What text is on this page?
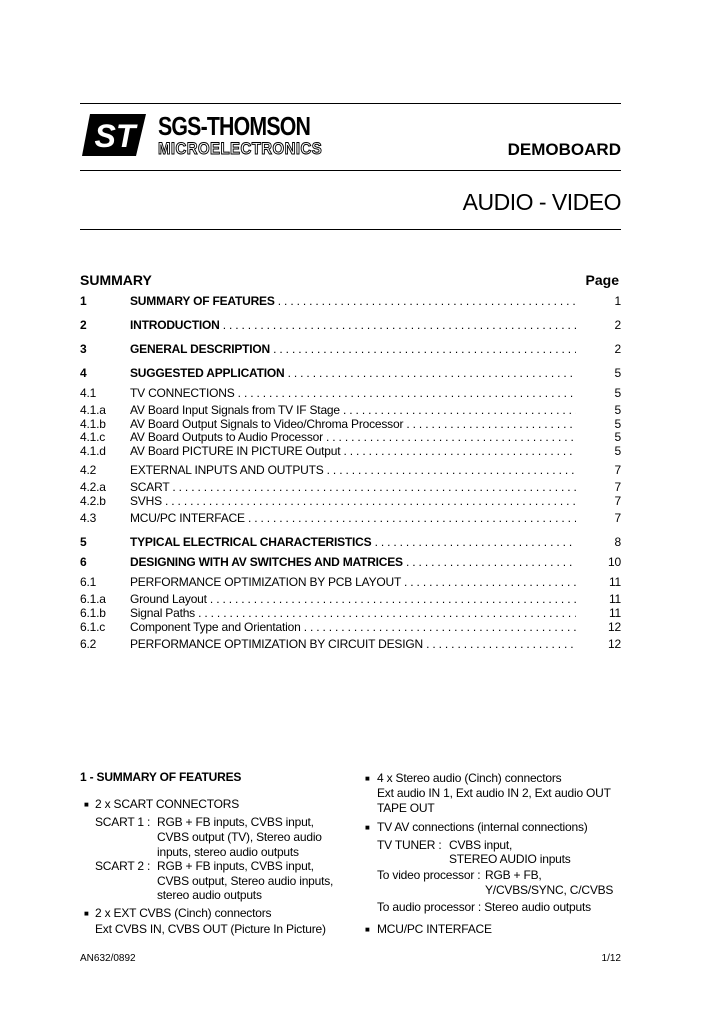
ST SGS-THOMSON
MICROELECTRONICS	DEMOBOARD
AUDIO - VIDEO
SUMMARY	Page
1	SUMMARY OF FEATURES . . .	1
2	INTRODUCTION . . .	2
3	GENERAL DESCRIPTION . . .	2
4	SUGGESTED APPLICATION . . .	5
4.1	TV CONNECTIONS . . .	5
4.1.a AV Board Input Signals from TV IF Stage . . .	5
4.1.b AV Board Output Signals to Video/Chroma Processor . . .	5
4.1.c AV Board Outputs to Audio Processor . . .	5
4.1.d AV Board PICTURE IN PICTURE Output . . .	5
4.2	EXTERNAL INPUTS AND OUTPUTS . . .	7
4.2.a SCART . . .	7
4.2.b SVHS . . .	7
4.3	MCU/PC INTERFACE . . .	7
5	TYPICAL ELECTRICAL CHARACTERISTICS . . .	8
6	DESIGNING WITH AV SWITCHES AND MATRICES . . .	10
6.1	PERFORMANCE OPTIMIZATION BY PCB LAYOUT . . .	11
6.1.a Ground Layout . . .	11
6.1.b Signal Paths . . .	11
6.1.c Component Type and Orientation . . .	12
6.2	PERFORMANCE OPTIMIZATION BY CIRCUIT DESIGN . . .	12
1 - SUMMARY OF FEATURES
■ 2 x SCART CONNECTORS
SCART 1 : RGB + FB inputs, CVBS input,
CVBS output (TV), Stereo audio
inputs, stereo audio outputs
SCART 2 : RGB + FB inputs, CVBS input,
CVBS output, Stereo audio inputs,
stereo audio outputs
■ 2 x EXT CVBS (Cinch) connectors
Ext CVBS IN, CVBS OUT (Picture In Picture)
■ 4 x Stereo audio (Cinch) connectors
Ext audio IN 1, Ext audio IN 2, Ext audio OUT
TAPE OUT
■ TV AV connections (internal connections)
TV TUNER : CVBS input,
STEREO AUDIO inputs
To video processor : RGB + FB,
Y/CVBS/SYNC, C/CVBS
To audio processor : Stereo audio outputs
■ MCU/PC INTERFACE
AN632/0892	1/12
